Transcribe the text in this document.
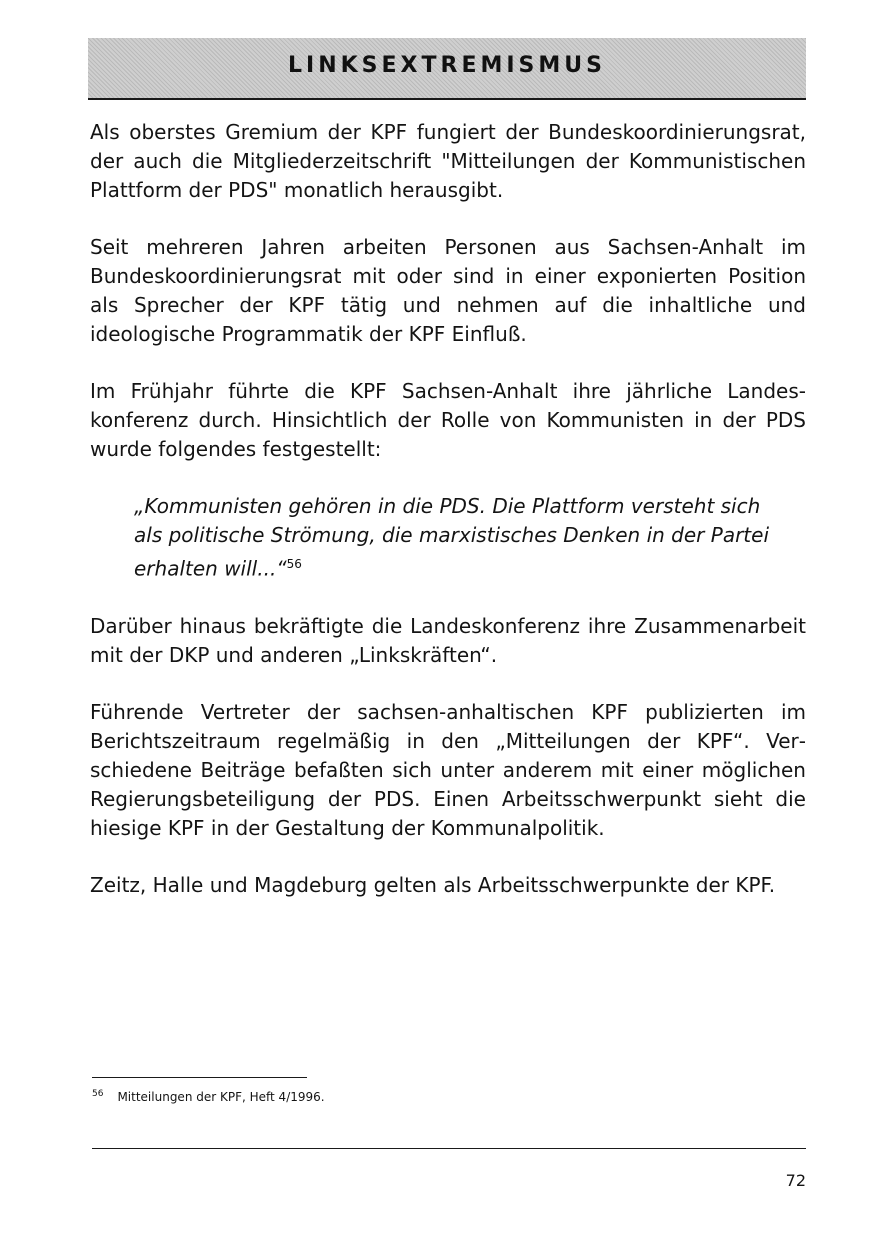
LINKSEXTREMISMUS

Als oberstes Gremium der KPF fungiert der Bundeskoordinierungsrat, der auch die Mitgliederzeitschrift "Mitteilungen der Kommunistischen Plattform der PDS" monatlich herausgibt.

Seit mehreren Jahren arbeiten Personen aus Sachsen-Anhalt im Bundeskoordinierungsrat mit oder sind in einer exponierten Position als Sprecher der KPF tätig und nehmen auf die inhaltliche und ideologische Programmatik der KPF Einfluß.

Im Frühjahr führte die KPF Sachsen-Anhalt ihre jährliche Landeskonferenz durch. Hinsichtlich der Rolle von Kommunisten in der PDS wurde folgendes festgestellt:

„Kommunisten gehören in die PDS. Die Plattform versteht sich als politische Strömung, die marxistisches Denken in der Partei erhalten will...“$^{56}$

Darüber hinaus bekräftigte die Landeskonferenz ihre Zusammenarbeit mit der DKP und anderen „Linkskräften“.

Führende Vertreter der sachsen-anhaltischen KPF publizierten im Berichtszeitraum regelmäßig in den „Mitteilungen der KPF“. Verschiedene Beiträge befaßten sich unter anderem mit einer möglichen Regierungsbeteiligung der PDS. Einen Arbeitsschwerpunkt sieht die hiesige KPF in der Gestaltung der Kommunalpolitik.

Zeitz, Halle und Magdeburg gelten als Arbeitsschwerpunkte der KPF.

$^{56}$ Mitteilungen der KPF, Heft 4/1996.
72
